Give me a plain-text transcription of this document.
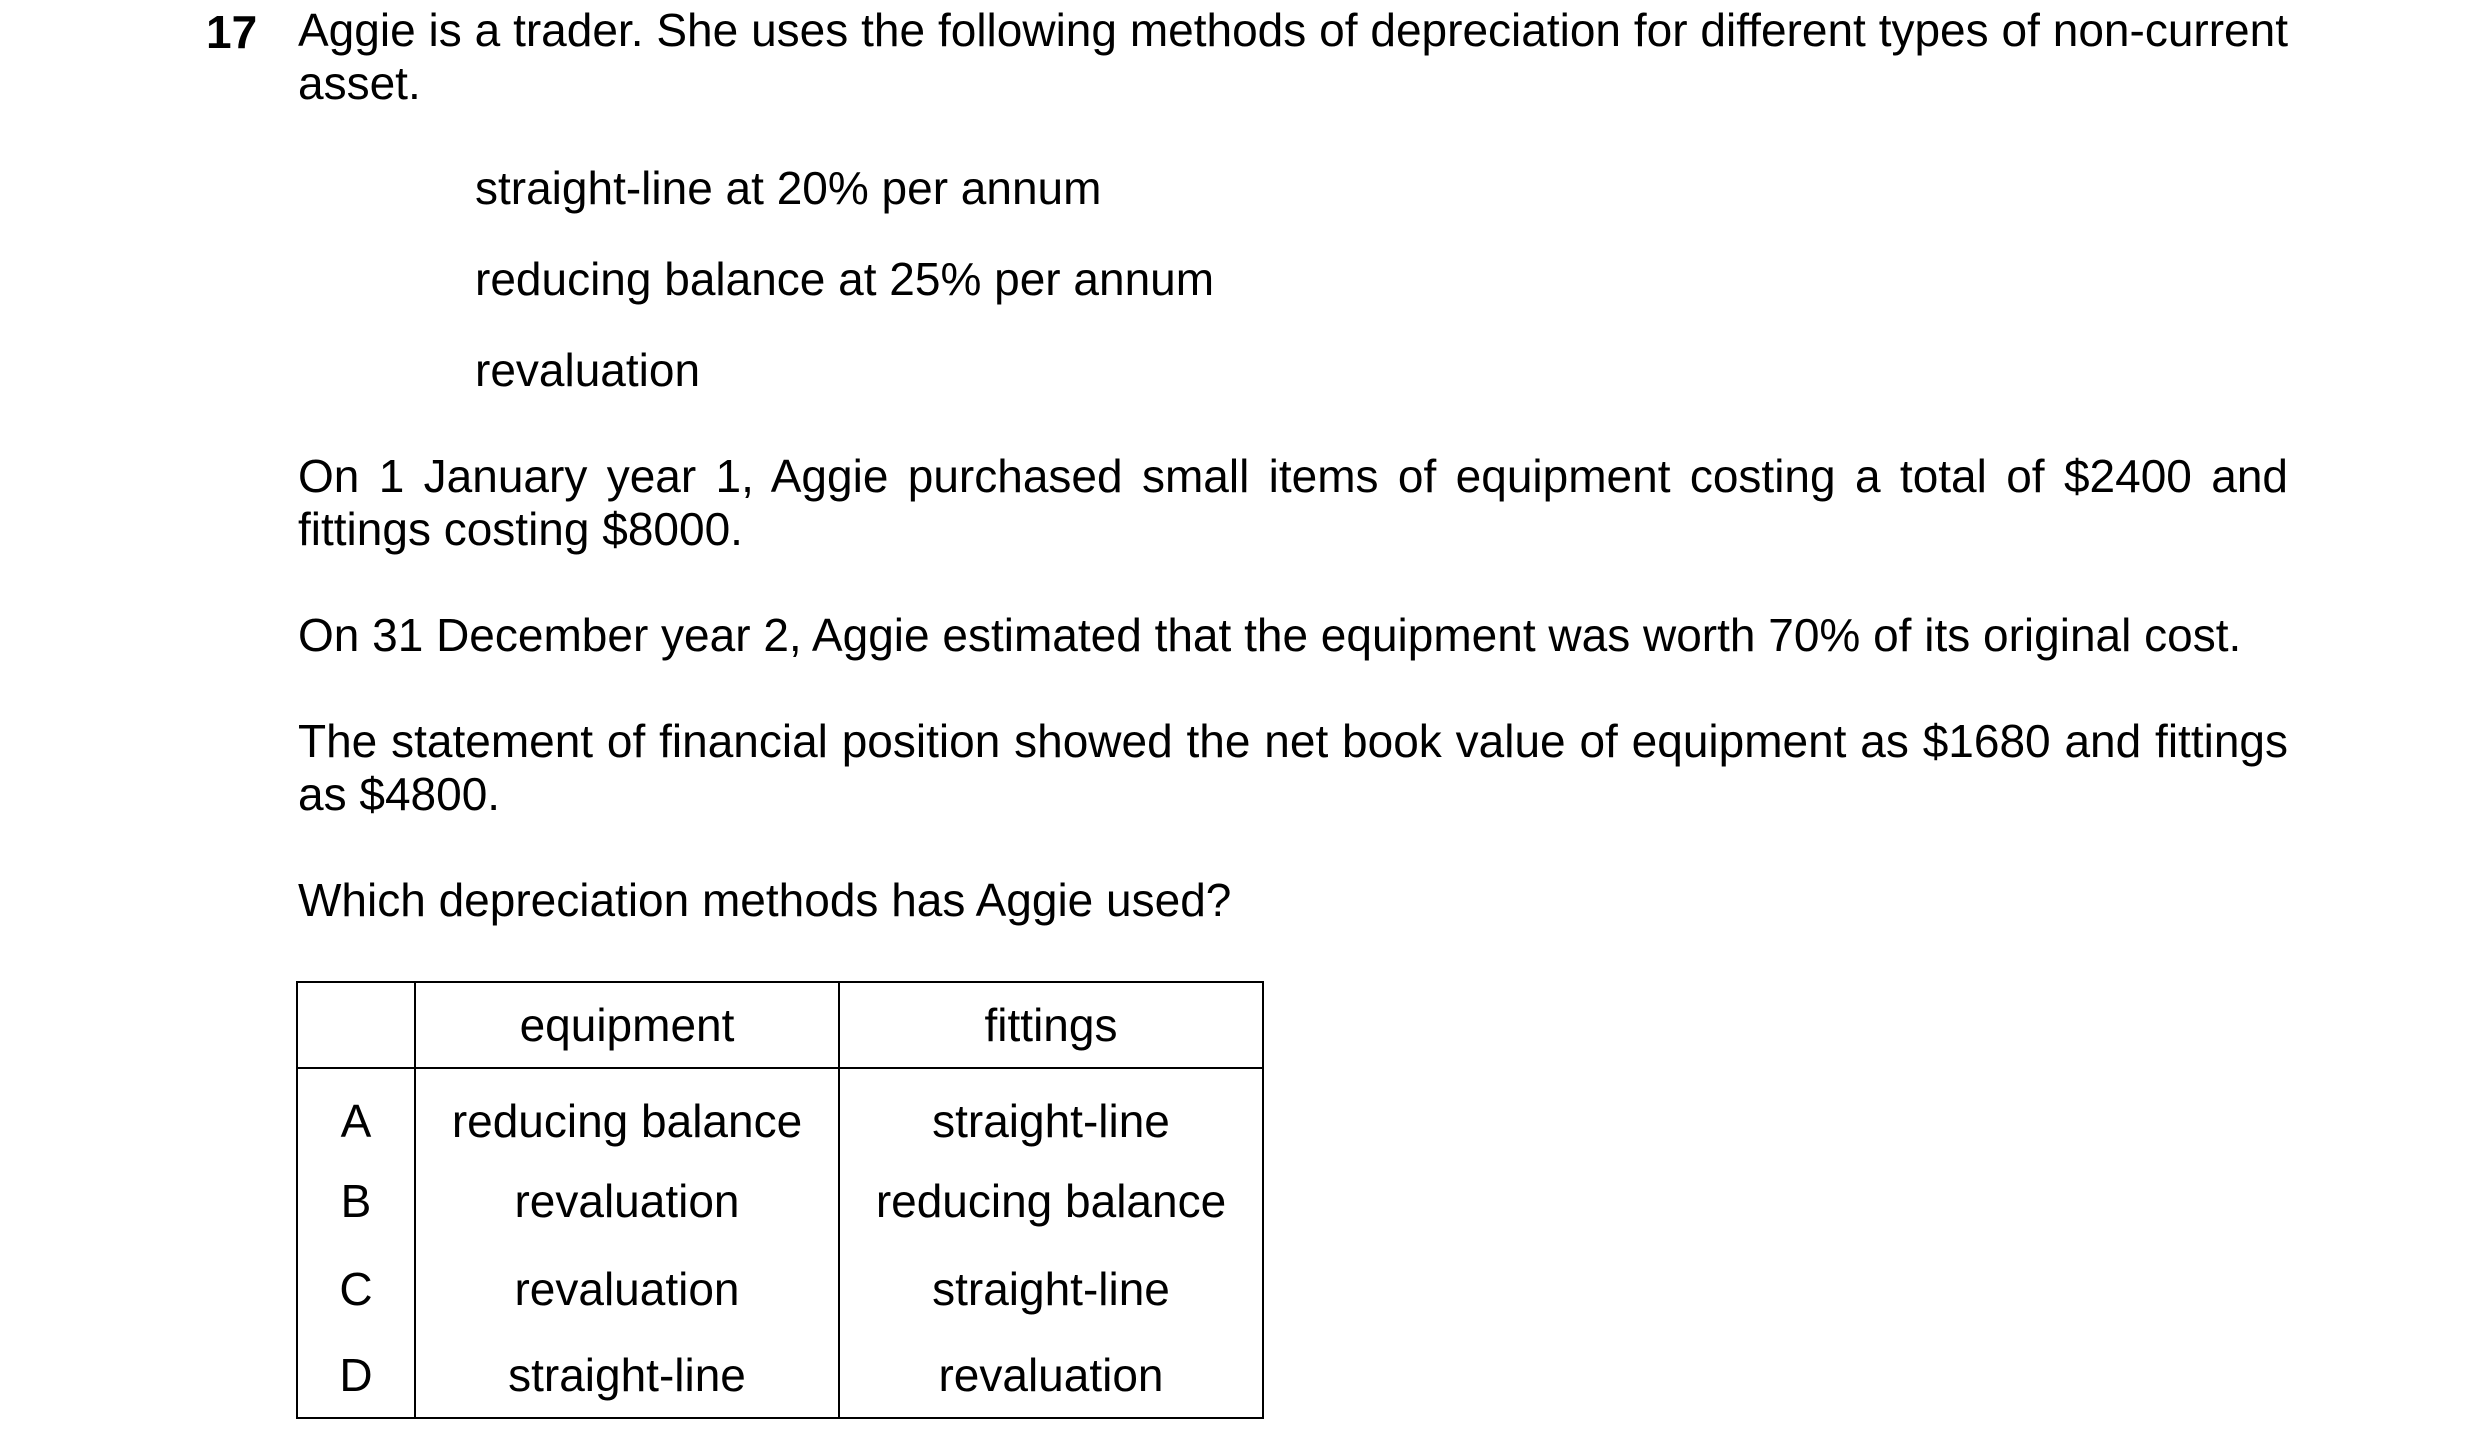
17 Aggie is a trader. She uses the following methods of depreciation for different types of non-current asset.

straight-line at 20% per annum

reducing balance at 25% per annum

revaluation

On 1 January year 1, Aggie purchased small items of equipment costing a total of $2400 and fittings costing $8000.

On 31 December year 2, Aggie estimated that the equipment was worth 70% of its original cost.

The statement of financial position showed the net book value of equipment as $1680 and fittings as $4800.

Which depreciation methods has Aggie used?

	equipment	fittings
A	reducing balance	straight-line
B	revaluation	reducing balance
C	revaluation	straight-line
D	straight-line	revaluation
